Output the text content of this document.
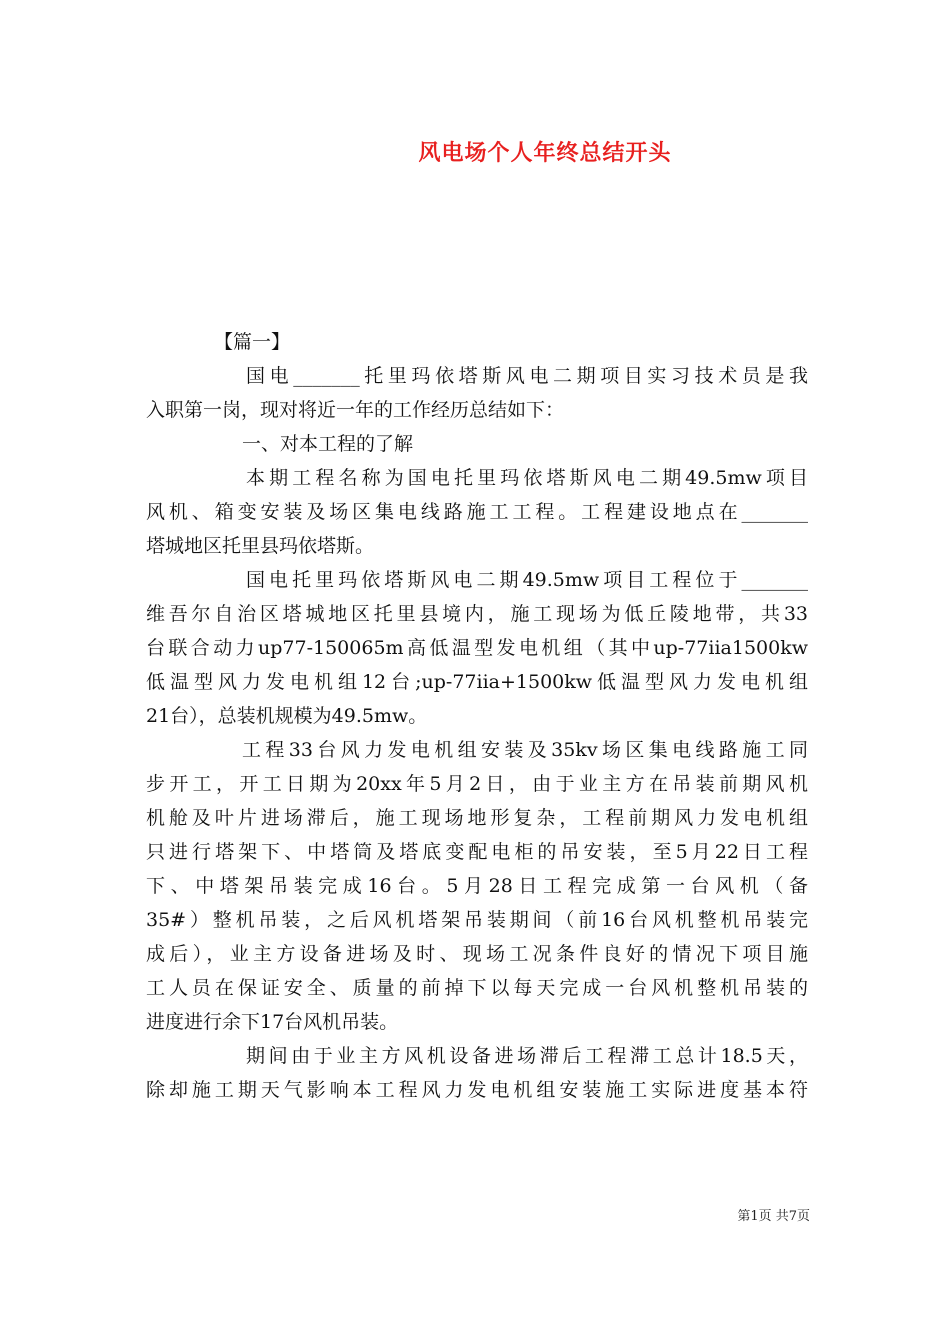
风电场个人年终总结开头
【篇一】
国电_______托里玛依塔斯风电二期项目实习技术员是我
入职第一岗，现对将近一年的工作经历总结如下：
一、对本工程的了解
本期工程名称为国电托里玛依塔斯风电二期49.5mw项目
风机、箱变安装及场区集电线路施工工程。工程建设地点在_______
塔城地区托里县玛依塔斯。
国电托里玛依塔斯风电二期49.5mw项目工程位于_______
维吾尔自治区塔城地区托里县境内，施工现场为低丘陵地带，共33
台联合动力up77-150065m高低温型发电机组（其中up-77iia1500kw
低温型风力发电机组12台;up-77iia+1500kw低温型风力发电机组
21台），总装机规模为49.5mw。
工程33台风力发电机组安装及35kv场区集电线路施工同
步开工，开工日期为20xx年5月2日，由于业主方在吊装前期风机
机舱及叶片进场滞后，施工现场地形复杂，工程前期风力发电机组
只进行塔架下、中塔筒及塔底变配电柜的吊安装，至5月22日工程
下、中塔架吊装完成16台。5月28日工程完成第一台风机（备
35#）整机吊装，之后风机塔架吊装期间（前16台风机整机吊装完
成后），业主方设备进场及时、现场工况条件良好的情况下项目施
工人员在保证安全、质量的前掉下以每天完成一台风机整机吊装的
进度进行余下17台风机吊装。
期间由于业主方风机设备进场滞后工程滞工总计18.5天，
除却施工期天气影响本工程风力发电机组安装施工实际进度基本符
第1页 共7页
